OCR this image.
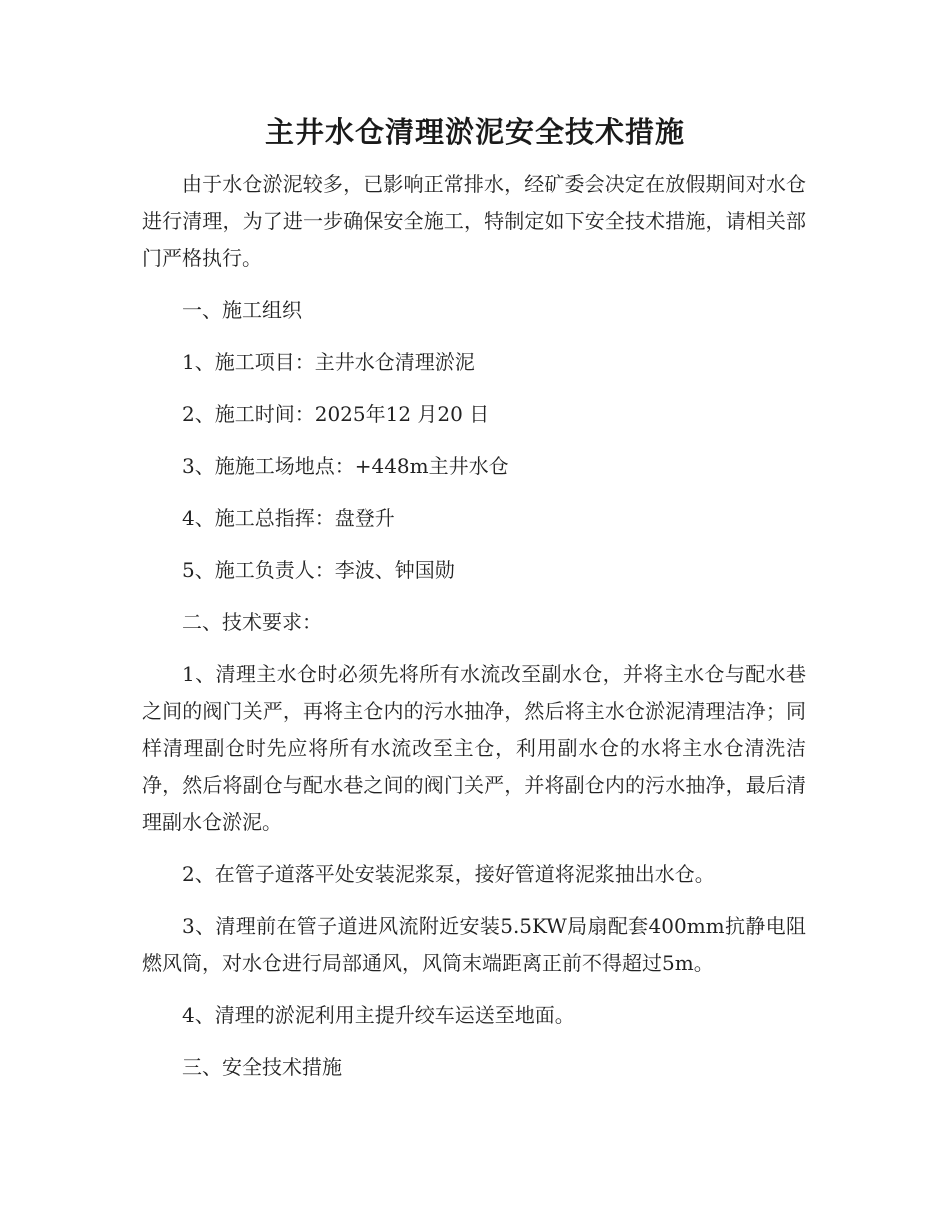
主井水仓清理淤泥安全技术措施

由于水仓淤泥较多，已影响正常排水，经矿委会决定在放假期间对水仓进行清理，为了进一步确保安全施工，特制定如下安全技术措施，请相关部门严格执行。

一、施工组织

1、施工项目：主井水仓清理淤泥

2、施工时间：2025年12 月20 日

3、施施工场地点：+448m主井水仓

4、施工总指挥：盘登升

5、施工负责人：李波、钟国勋

二、技术要求：

1、清理主水仓时必须先将所有水流改至副水仓，并将主水仓与配水巷之间的阀门关严，再将主仓内的污水抽净，然后将主水仓淤泥清理洁净；同样清理副仓时先应将所有水流改至主仓，利用副水仓的水将主水仓清洗洁净，然后将副仓与配水巷之间的阀门关严，并将副仓内的污水抽净，最后清理副水仓淤泥。

2、在管子道落平处安装泥浆泵，接好管道将泥浆抽出水仓。

3、清理前在管子道进风流附近安装5.5KW局扇配套400mm抗静电阻燃风筒，对水仓进行局部通风，风筒末端距离正前不得超过5m。

4、清理的淤泥利用主提升绞车运送至地面。

三、安全技术措施
